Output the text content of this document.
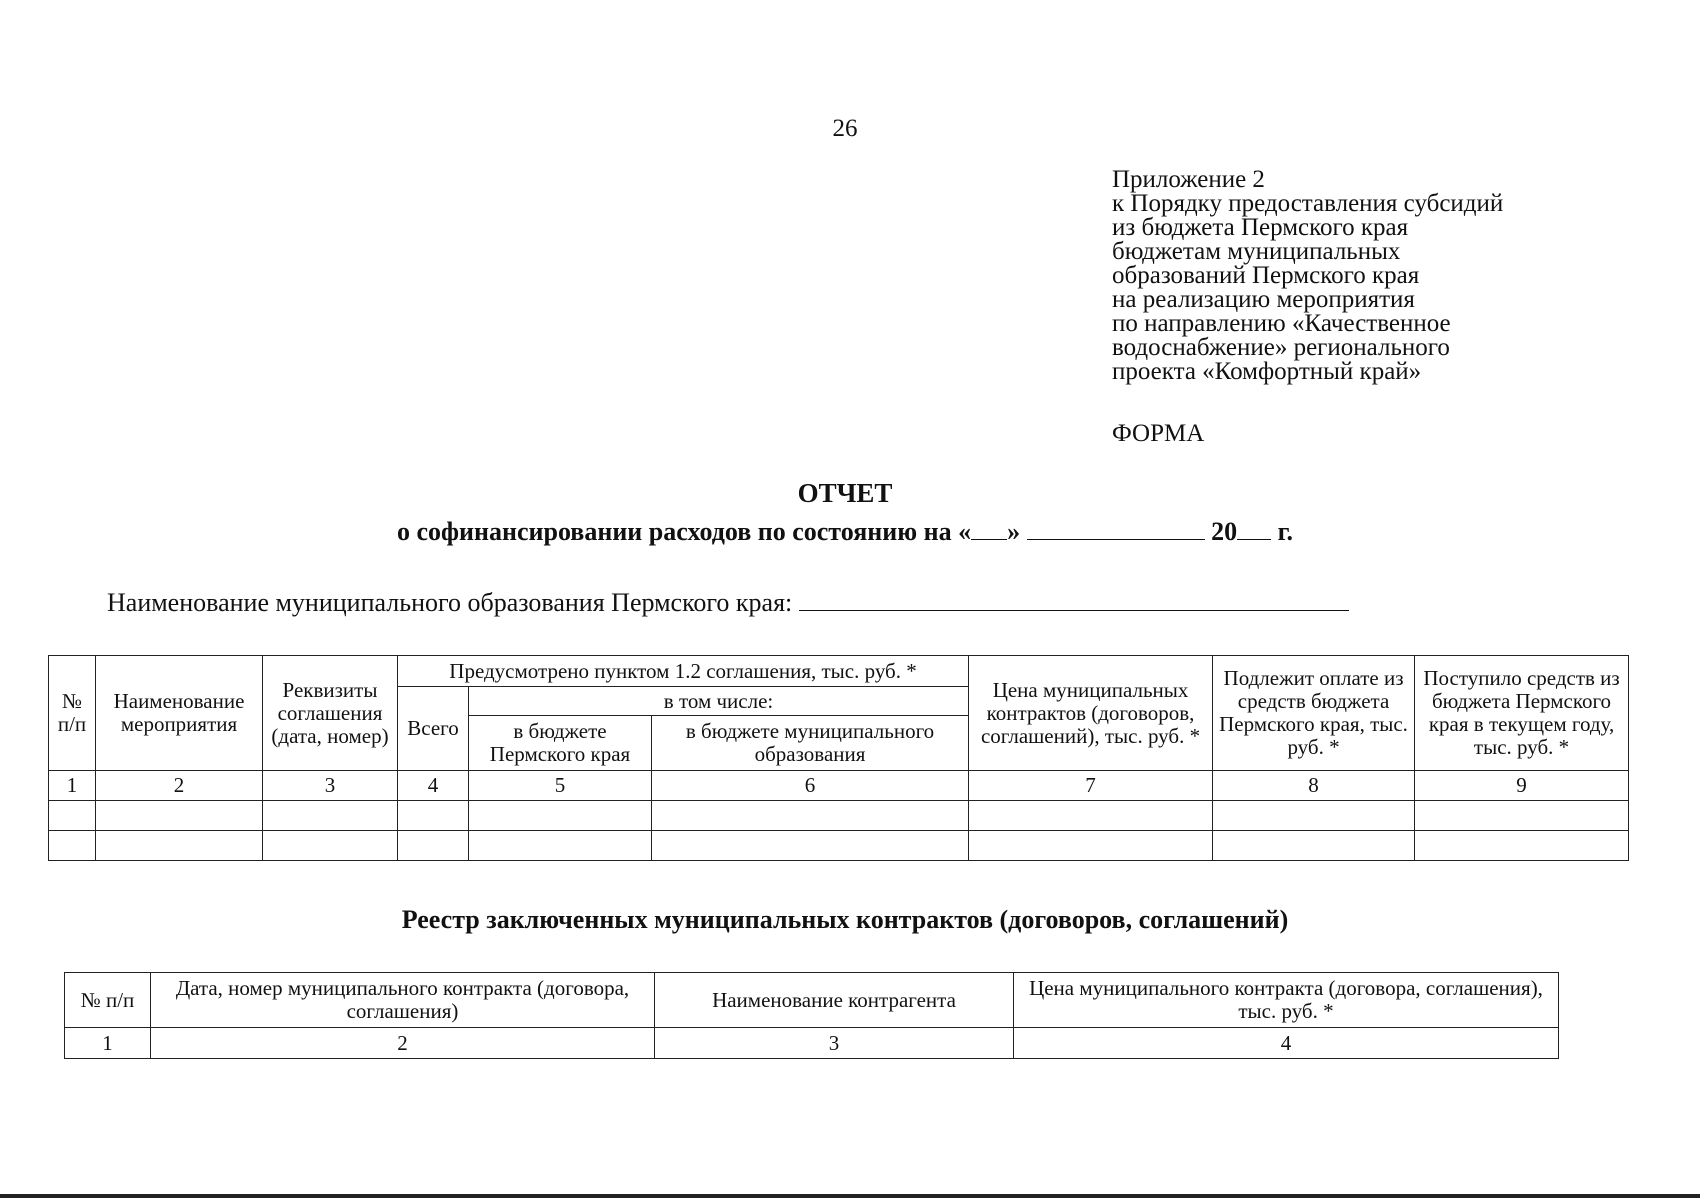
26
Приложение 2
к Порядку предоставления субсидий
из бюджета Пермского края
бюджетам муниципальных
образований Пермского края
на реализацию мероприятия
по направлению «Качественное
водоснабжение» регионального
проекта «Комфортный край»
ФОРМА
ОТЧЕТ
о софинансировании расходов по состоянию на « »	20 г.
Наименование муниципального образования Пермского края:
№ п/п	Наименование мероприятия	Реквизиты соглашения (дата, номер)	Предусмотрено пунктом 1.2 соглашения, тыс. руб. *			Цена муниципальных контрактов (договоров, соглашений), тыс. руб. *	Подлежит оплате из средств бюджета Пермского края, тыс. руб. *	Поступило средств из бюджета Пермского края в текущем году, тыс. руб. *
			Всего	в том числе:				
				в бюджете Пермского края	в бюджете муниципального образования			
1	2	3	4	5	6	7	8	9

Реестр заключенных муниципальных контрактов (договоров, соглашений)
№ п/п	Дата, номер муниципального контракта (договора, соглашения)	Наименование контрагента	Цена муниципального контракта (договора, соглашения), тыс. руб. *
1	2	3	4
